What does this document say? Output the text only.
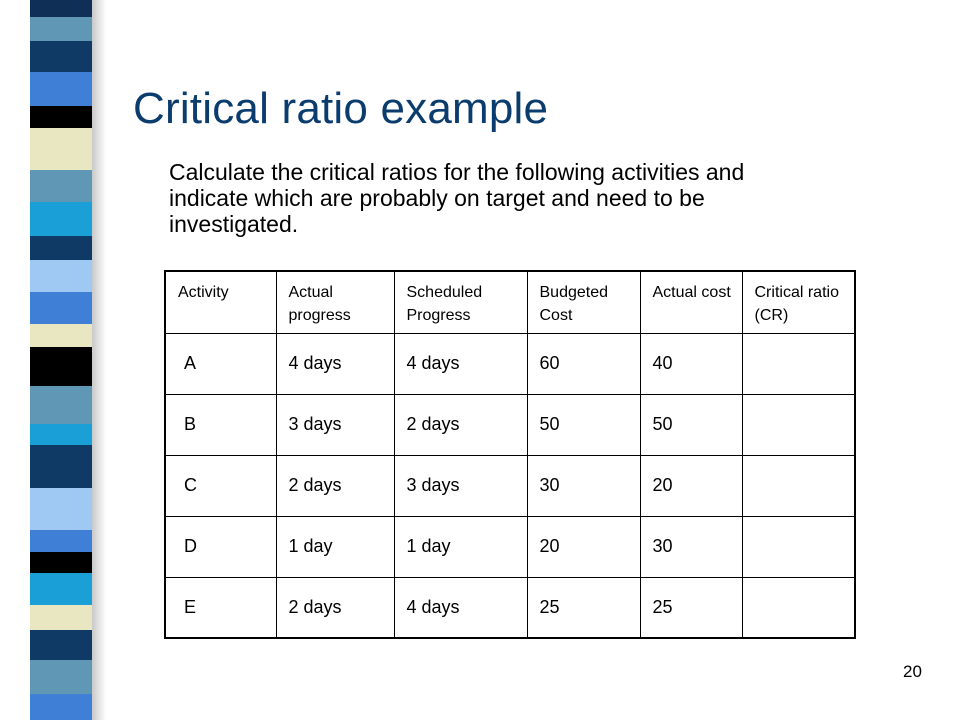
Critical ratio example

Calculate the critical ratios for the following activities and indicate which are probably on target and need to be investigated.

Activity	Actual progress	Scheduled Progress	Budgeted Cost	Actual cost	Critical ratio (CR)
A	4 days	4 days	60	40	
B	3 days	2 days	50	50	
C	2 days	3 days	30	20	
D	1 day	1 day	20	30	
E	2 days	4 days	25	25	

20
